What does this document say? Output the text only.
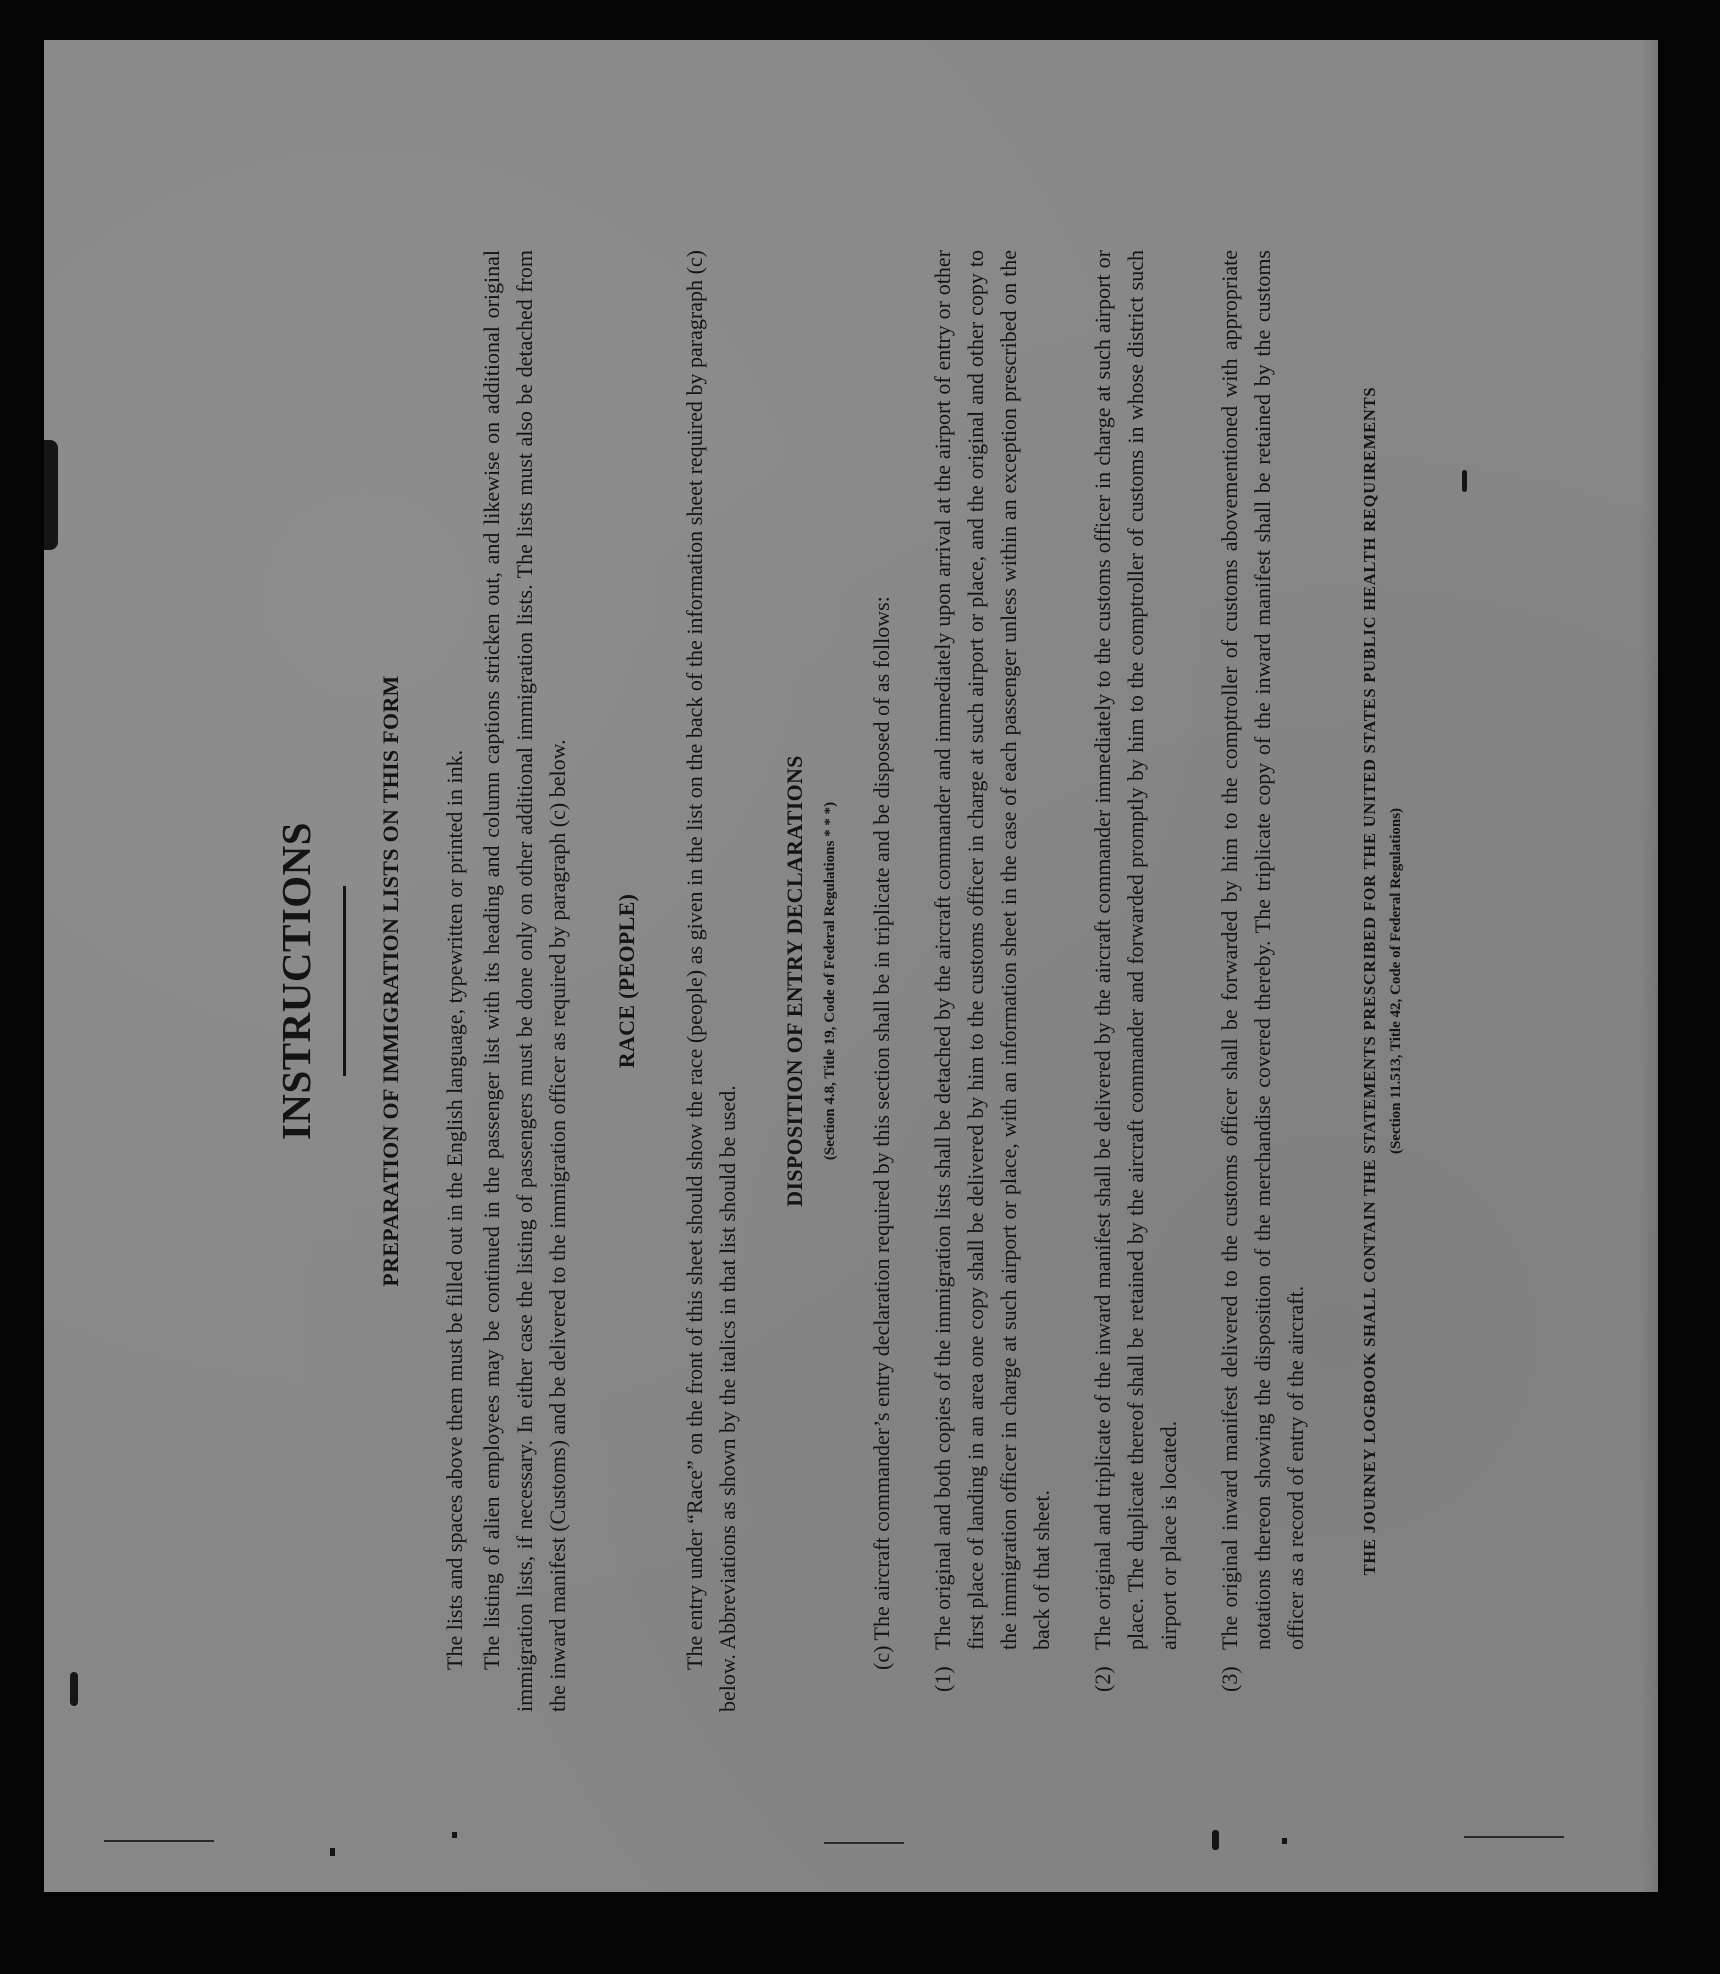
INSTRUCTIONS	PREPARATION OF IMMIGRATION LISTS ON THIS FORM The lists and spaces above them must be filled out in the English language, typewritten or printed in ink. The listing of alien employees may be continued in the passenger list with its heading and column captions stricken out, and likewise on additional original immigration lists, if necessary. In either case the listing of passengers must be done only on other additional immigration lists. The lists must also be detached from the inward manifest (Customs) and be delivered to the immigration officer as required by paragraph (c) below. RACE (PEOPLE) The entry under “Race” on the front of this sheet should show the race (people) as given in the list on the back of the information sheet required by paragraph (c) below. Abbreviations as shown by the italics in that list should be used.

DISPOSITION OF ENTRY DECLARATIONS (Section 4.8, Title 19, Code of Federal Regulations * * *) (c) The aircraft commander’s entry declaration required by this section shall be in triplicate and be disposed of as follows:

(1)
The original and both copies of the immigration lists shall be detached by the aircraft commander and immediately upon arrival at the airport of entry or other first place of landing in an area one copy shall be delivered by him to the customs officer in charge at such airport or place, and the original and other copy to the immigration officer in charge at such airport or place, with an information sheet in the case of each passenger unless within an exception prescribed on the back of that sheet.
(2)
The original and triplicate of the inward manifest shall be delivered by the aircraft commander immediately to the customs officer in charge at such airport or place. The duplicate thereof shall be retained by the aircraft commander and forwarded promptly by him to the comptroller of customs in whose district such airport or place is located.
(3)
The original inward manifest delivered to the customs officer shall be forwarded by him to the comptroller of customs abovementioned with appropriate notations thereon showing the disposition of the merchandise covered thereby. The triplicate copy of the inward manifest shall be retained by the customs officer as a record of entry of the aircraft.	THE JOURNEY LOGBOOK SHALL CONTAIN THE STATEMENTS PRESCRIBED FOR THE UNITED STATES PUBLIC HEALTH REQUIREMENTS (Section 11.513, Title 42, Code of Federal Regulations)
